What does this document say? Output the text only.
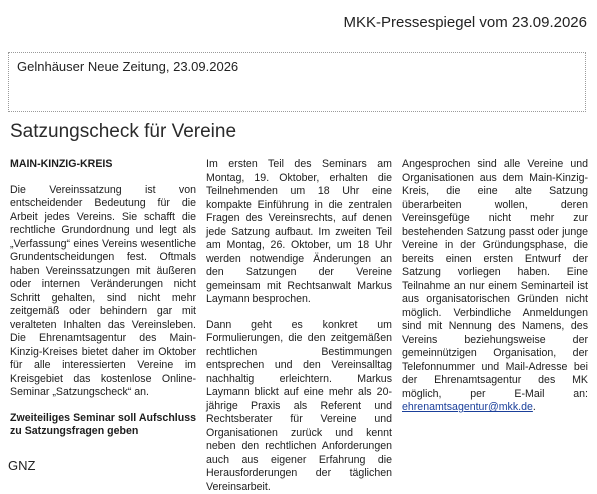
MKK-Pressespiegel vom 23.09.2026
Gelnhäuser Neue Zeitung, 23.09.2026
Satzungscheck für Vereine

MAIN-KINZIG-KREIS

Die Vereinssatzung ist von entscheidender Bedeutung für die Arbeit jedes Vereins. Sie schafft die rechtliche Grundordnung und legt als „Verfassung“ eines Vereins wesentliche Grundentscheidungen fest. Oftmals haben Vereinssatzungen mit äußeren oder internen Veränderungen nicht Schritt gehalten, sind nicht mehr zeitgemäß oder behindern gar mit veralteten Inhalten das Vereinsleben. Die Ehrenamtsagentur des Main-Kinzig-Kreises bietet daher im Oktober für alle interessierten Vereine im Kreisgebiet das kostenlose Online-Seminar „Satzungscheck“ an.

Zweiteiliges Seminar soll Aufschluss zu Satzungsfragen geben

Im ersten Teil des Seminars am Montag, 19. Oktober, erhalten die Teilnehmenden um 18 Uhr eine kompakte Einführung in die zentralen Fragen des Vereinsrechts, auf denen jede Satzung aufbaut. Im zweiten Teil am Montag, 26. Oktober, um 18 Uhr werden notwendige Änderungen an den Satzungen der Vereine gemeinsam mit Rechtsanwalt Markus Laymann besprochen.

Dann geht es konkret um Formulierungen, die den zeitgemäßen rechtlichen Bestimmungen entsprechen und den Vereinsalltag nachhaltig erleichtern. Markus Laymann blickt auf eine mehr als 20-jährige Praxis als Referent und Rechtsberater für Vereine und Organisationen zurück und kennt neben den rechtlichen Anforderungen auch aus eigener Erfahrung die Herausforderungen der täglichen Vereinsarbeit.

Angesprochen sind alle Vereine und Organisationen aus dem Main-Kinzig-Kreis, die eine alte Satzung überarbeiten wollen, deren Vereinsgefüge nicht mehr zur bestehenden Satzung passt oder junge Vereine in der Gründungsphase, die bereits einen ersten Entwurf der Satzung vorliegen haben. Eine Teilnahme an nur einem Seminarteil ist aus organisatorischen Gründen nicht möglich. Verbindliche Anmeldungen sind mit Nennung des Namens, des Vereins beziehungsweise der gemeinnützigen Organisation, der Telefonnummer und Mail-Adresse bei der Ehrenamtsagentur des MK möglich, per E-Mail an: ehrenamtsagentur@mkk.de.

GNZ
